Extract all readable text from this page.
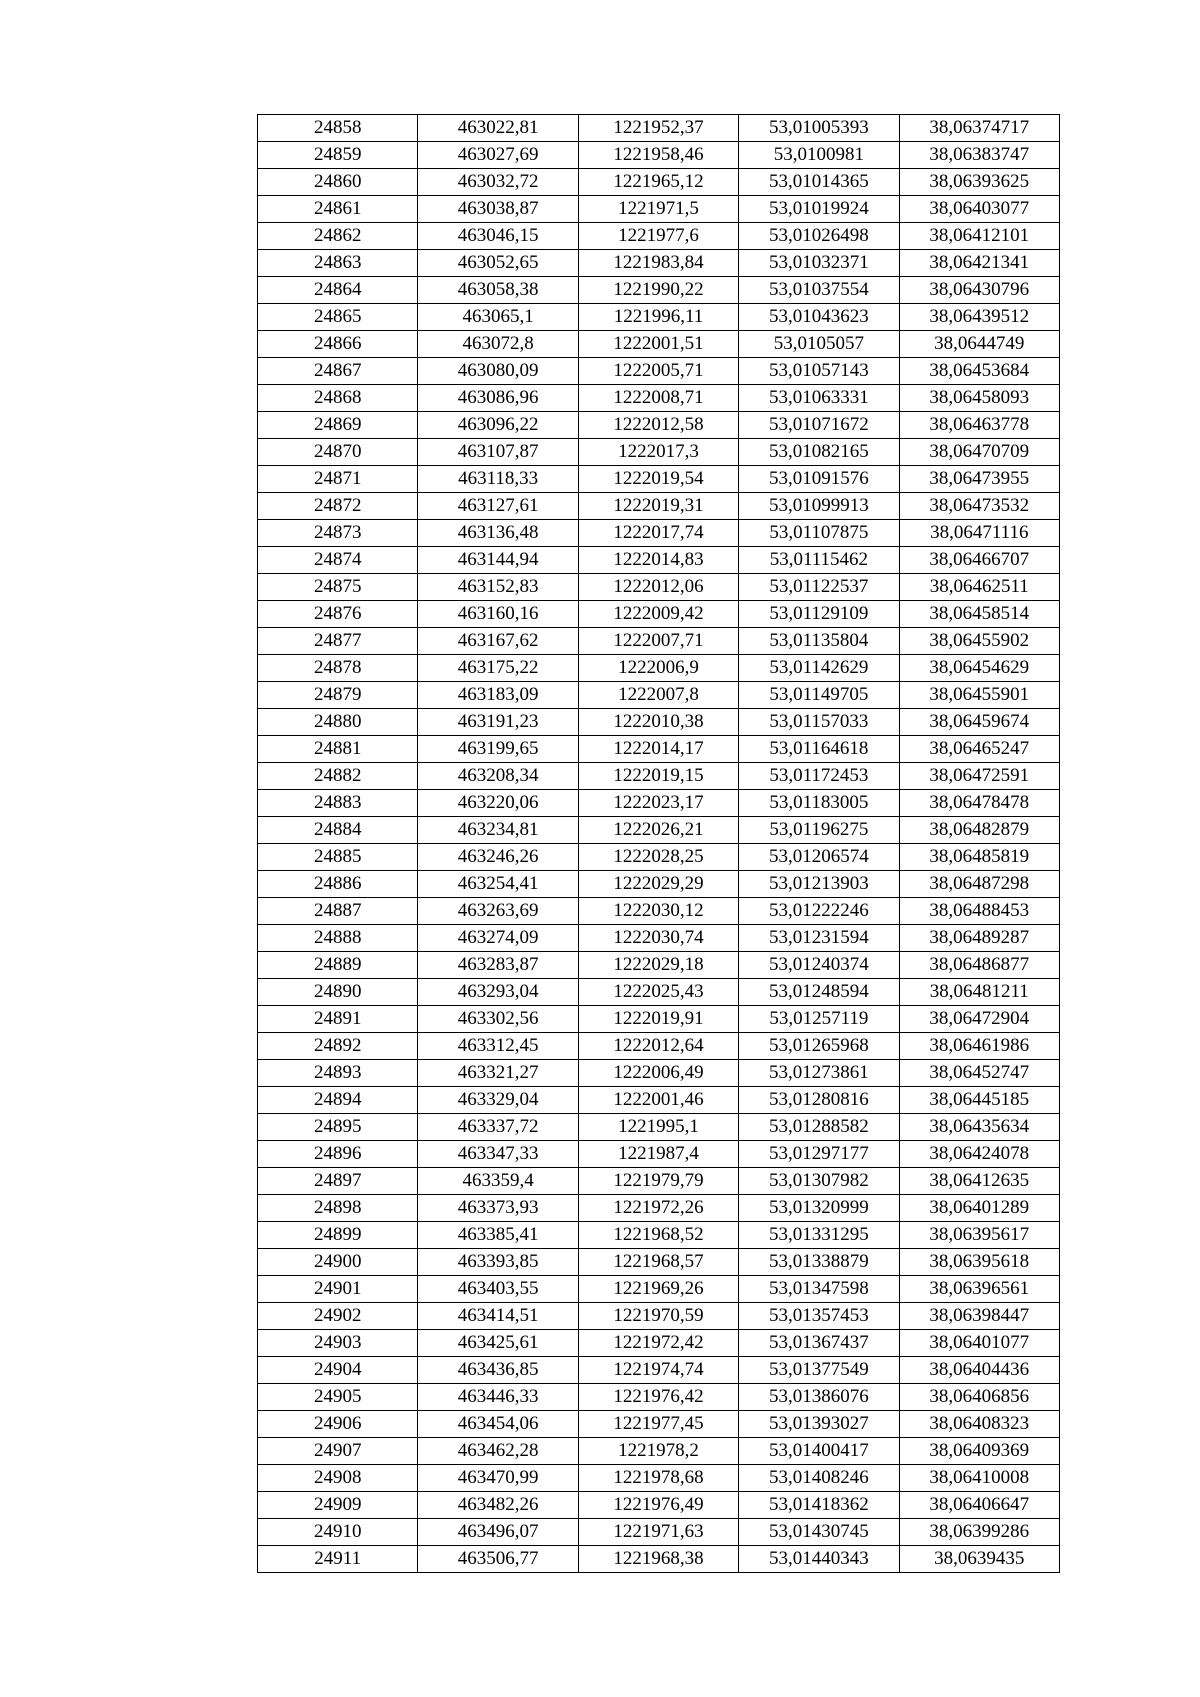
24858	463022,81	1221952,37	53,01005393	38,06374717
24859	463027,69	1221958,46	53,0100981	38,06383747
24860	463032,72	1221965,12	53,01014365	38,06393625
24861	463038,87	1221971,5	53,01019924	38,06403077
24862	463046,15	1221977,6	53,01026498	38,06412101
24863	463052,65	1221983,84	53,01032371	38,06421341
24864	463058,38	1221990,22	53,01037554	38,06430796
24865	463065,1	1221996,11	53,01043623	38,06439512
24866	463072,8	1222001,51	53,0105057	38,0644749
24867	463080,09	1222005,71	53,01057143	38,06453684
24868	463086,96	1222008,71	53,01063331	38,06458093
24869	463096,22	1222012,58	53,01071672	38,06463778
24870	463107,87	1222017,3	53,01082165	38,06470709
24871	463118,33	1222019,54	53,01091576	38,06473955
24872	463127,61	1222019,31	53,01099913	38,06473532
24873	463136,48	1222017,74	53,01107875	38,06471116
24874	463144,94	1222014,83	53,01115462	38,06466707
24875	463152,83	1222012,06	53,01122537	38,06462511
24876	463160,16	1222009,42	53,01129109	38,06458514
24877	463167,62	1222007,71	53,01135804	38,06455902
24878	463175,22	1222006,9	53,01142629	38,06454629
24879	463183,09	1222007,8	53,01149705	38,06455901
24880	463191,23	1222010,38	53,01157033	38,06459674
24881	463199,65	1222014,17	53,01164618	38,06465247
24882	463208,34	1222019,15	53,01172453	38,06472591
24883	463220,06	1222023,17	53,01183005	38,06478478
24884	463234,81	1222026,21	53,01196275	38,06482879
24885	463246,26	1222028,25	53,01206574	38,06485819
24886	463254,41	1222029,29	53,01213903	38,06487298
24887	463263,69	1222030,12	53,01222246	38,06488453
24888	463274,09	1222030,74	53,01231594	38,06489287
24889	463283,87	1222029,18	53,01240374	38,06486877
24890	463293,04	1222025,43	53,01248594	38,06481211
24891	463302,56	1222019,91	53,01257119	38,06472904
24892	463312,45	1222012,64	53,01265968	38,06461986
24893	463321,27	1222006,49	53,01273861	38,06452747
24894	463329,04	1222001,46	53,01280816	38,06445185
24895	463337,72	1221995,1	53,01288582	38,06435634
24896	463347,33	1221987,4	53,01297177	38,06424078
24897	463359,4	1221979,79	53,01307982	38,06412635
24898	463373,93	1221972,26	53,01320999	38,06401289
24899	463385,41	1221968,52	53,01331295	38,06395617
24900	463393,85	1221968,57	53,01338879	38,06395618
24901	463403,55	1221969,26	53,01347598	38,06396561
24902	463414,51	1221970,59	53,01357453	38,06398447
24903	463425,61	1221972,42	53,01367437	38,06401077
24904	463436,85	1221974,74	53,01377549	38,06404436
24905	463446,33	1221976,42	53,01386076	38,06406856
24906	463454,06	1221977,45	53,01393027	38,06408323
24907	463462,28	1221978,2	53,01400417	38,06409369
24908	463470,99	1221978,68	53,01408246	38,06410008
24909	463482,26	1221976,49	53,01418362	38,06406647
24910	463496,07	1221971,63	53,01430745	38,06399286
24911	463506,77	1221968,38	53,01440343	38,0639435
